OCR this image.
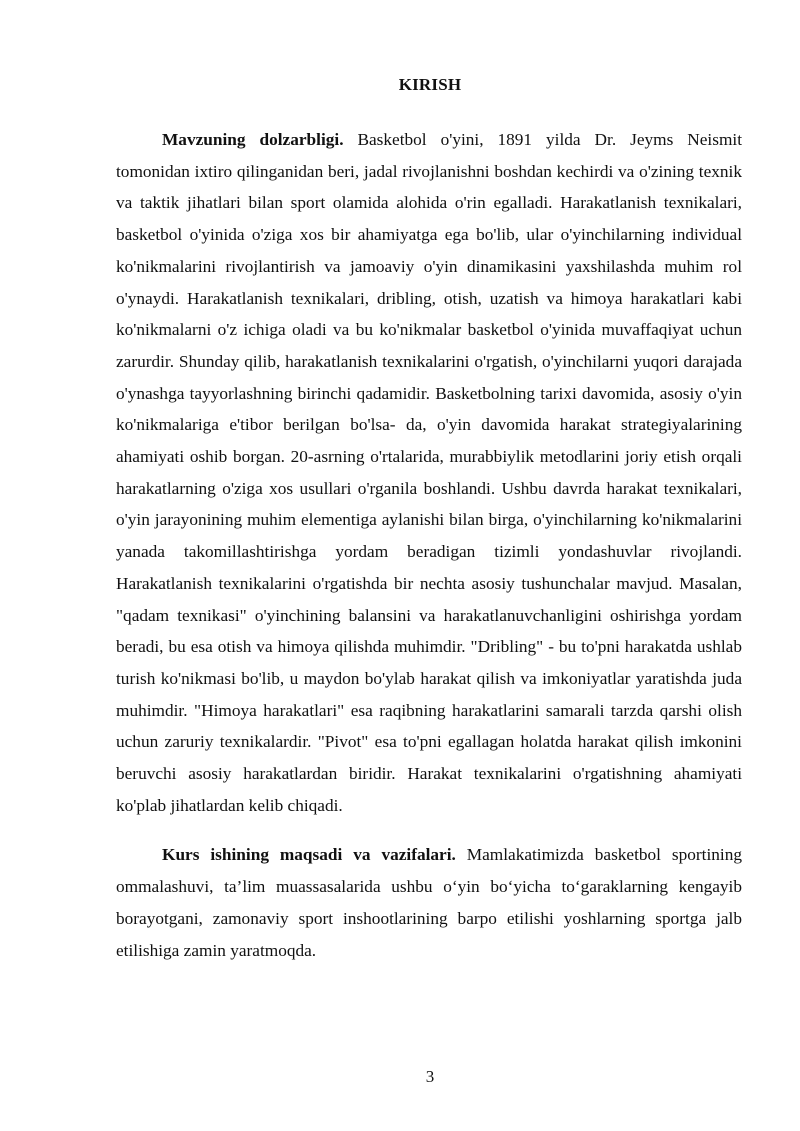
KIRISH

Mavzuning dolzarbligi. Basketbol o'yini, 1891 yilda Dr. Jeyms Neismit tomonidan ixtiro qilinganidan beri, jadal rivojlanishni boshdan kechirdi va o'zining texnik va taktik jihatlari bilan sport olamida alohida o'rin egalladi. Harakatlanish texnikalari, basketbol o'yinida o'ziga xos bir ahamiyatga ega bo'lib, ular o'yinchilarning individual ko'nikmalarini rivojlantirish va jamoaviy o'yin dinamikasini yaxshilashda muhim rol o'ynaydi. Harakatlanish texnikalari, dribling, otish, uzatish va himoya harakatlari kabi ko'nikmalarni o'z ichiga oladi va bu ko'nikmalar basketbol o'yinida muvaffaqiyat uchun zarurdir. Shunday qilib, harakatlanish texnikalarini o'rgatish, o'yinchilarni yuqori darajada o'ynashga tayyorlashning birinchi qadamidir. Basketbolning tarixi davomida, asosiy o'yin ko'nikmalariga e'tibor berilgan bo'lsa- da, o'yin davomida harakat strategiyalarining ahamiyati oshib borgan. 20-asrning o'rtalarida, murabbiylik metodlarini joriy etish orqali harakatlarning o'ziga xos usullari o'rganila boshlandi. Ushbu davrda harakat texnikalari, o'yin jarayonining muhim elementiga aylanishi bilan birga, o'yinchilarning ko'nikmalarini yanada takomillashtirishga yordam beradigan tizimli yondashuvlar rivojlandi. Harakatlanish texnikalarini o'rgatishda bir nechta asosiy tushunchalar mavjud. Masalan, "qadam texnikasi" o'yinchining balansini va harakatlanuvchanligini oshirishga yordam beradi, bu esa otish va himoya qilishda muhimdir. "Dribling" - bu to'pni harakatda ushlab turish ko'nikmasi bo'lib, u maydon bo'ylab harakat qilish va imkoniyatlar yaratishda juda muhimdir. "Himoya harakatlari" esa raqibning harakatlarini samarali tarzda qarshi olish uchun zaruriy texnikalardir. "Pivot" esa to'pni egallagan holatda harakat qilish imkonini beruvchi asosiy harakatlardan biridir. Harakat texnikalarini o'rgatishning ahamiyati ko'plab jihatlardan kelib chiqadi.

Kurs ishining maqsadi va vazifalari. Mamlakatimizda basketbol sportining ommalashuvi, ta’lim muassasalarida ushbu o‘yin bo‘yicha to‘garaklarning kengayib borayotgani, zamonaviy sport inshootlarining barpo etilishi yoshlarning sportga jalb etilishiga zamin yaratmoqda.

3
